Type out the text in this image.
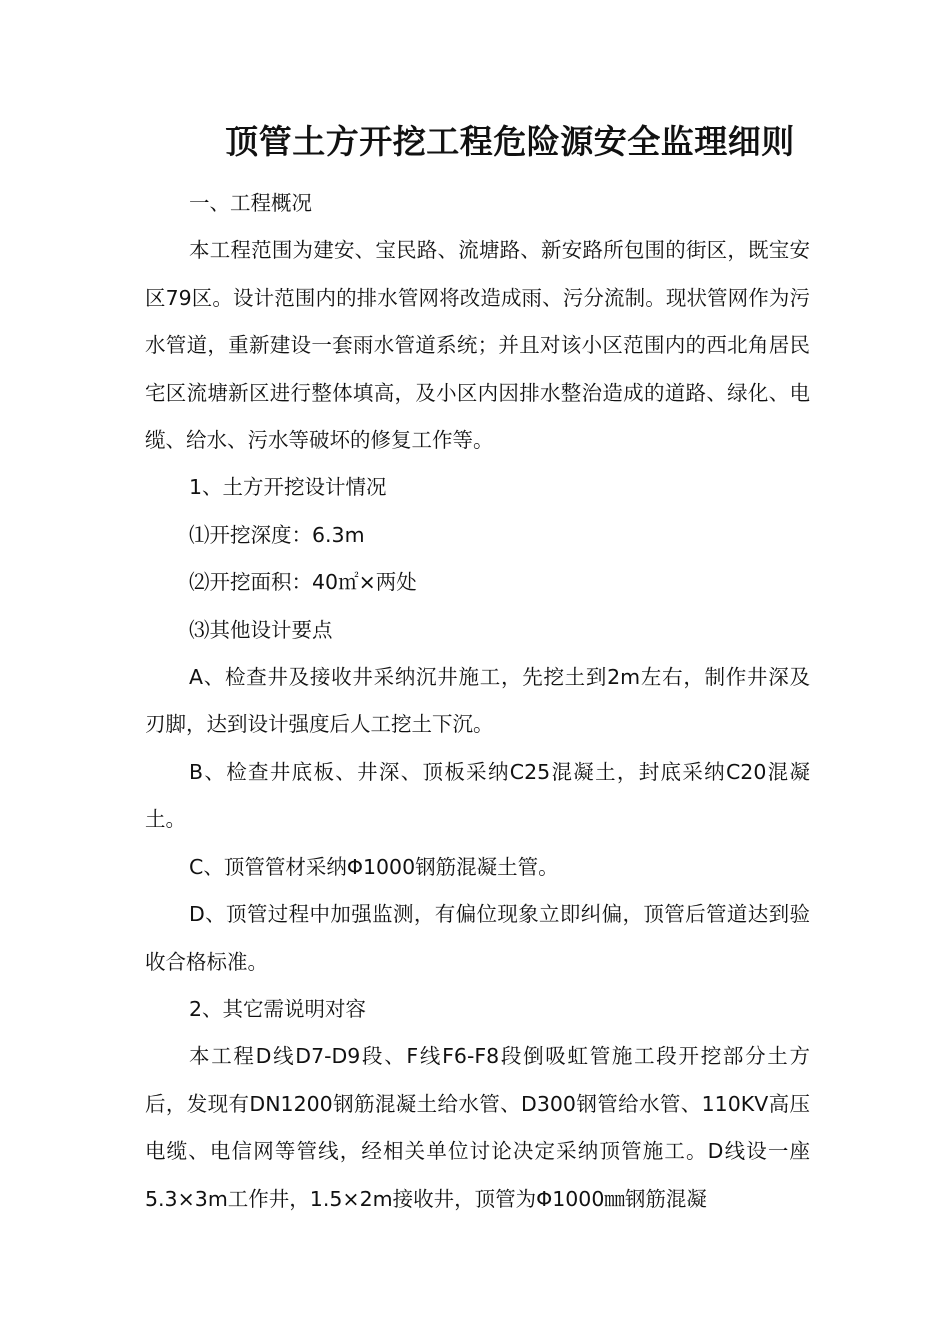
顶管土方开挖工程危险源安全监理细则

一、工程概况

本工程范围为建安、宝民路、流塘路、新安路所包围的街区，既宝安区79区。设计范围内的排水管网将改造成雨、污分流制。现状管网作为污水管道，重新建设一套雨水管道系统；并且对该小区范围内的西北角居民宅区流塘新区进行整体填高，及小区内因排水整治造成的道路、绿化、电缆、给水、污水等破坏的修复工作等。

1、土方开挖设计情况

⑴开挖深度：6.3m

⑵开挖面积：40㎡×两处

⑶其他设计要点

A、检查井及接收井采纳沉井施工，先挖土到2m左右，制作井深及刃脚，达到设计强度后人工挖土下沉。

B、检查井底板、井深、顶板采纳C25混凝土，封底采纳C20混凝土。

C、顶管管材采纳Φ1000钢筋混凝土管。

D、顶管过程中加强监测，有偏位现象立即纠偏，顶管后管道达到验收合格标准。

2、其它需说明对容

本工程D线D7-D9段、F线F6-F8段倒吸虹管施工段开挖部分土方后，发现有DN1200钢筋混凝土给水管、D300钢管给水管、110KV高压电缆、电信网等管线，经相关单位讨论决定采纳顶管施工。D线设一座5.3×3m工作井，1.5×2m接收井，顶管为Φ1000㎜钢筋混凝
